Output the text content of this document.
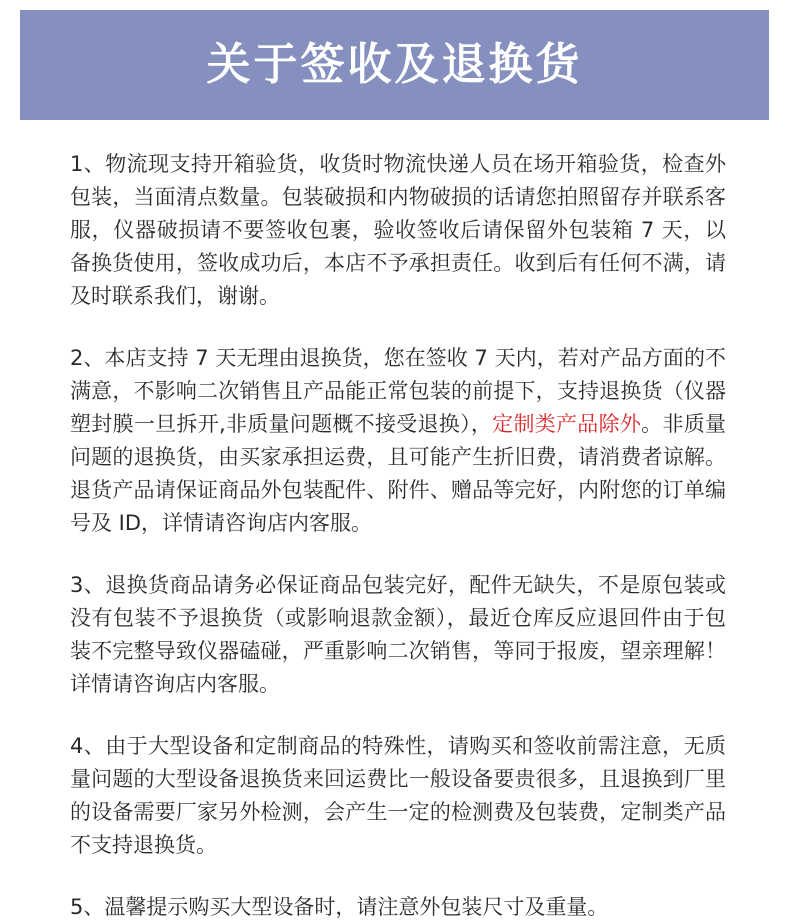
关于签收及退换货

1、物流现支持开箱验货，收货时物流快递人员在场开箱验货，检查外包装，当面清点数量。包装破损和内物破损的话请您拍照留存并联系客服，仪器破损请不要签收包裹，验收签收后请保留外包装箱 7 天，以备换货使用，签收成功后，本店不予承担责任。收到后有任何不满，请及时联系我们，谢谢。

2、本店支持 7 天无理由退换货，您在签收 7 天内，若对产品方面的不满意，不影响二次销售且产品能正常包装的前提下，支持退换货（仪器塑封膜一旦拆开,非质量问题概不接受退换），定制类产品除外。非质量问题的退换货，由买家承担运费，且可能产生折旧费，请消费者谅解。退货产品请保证商品外包装配件、附件、赠品等完好，内附您的订单编号及 ID，详情请咨询店内客服。

3、退换货商品请务必保证商品包装完好，配件无缺失，不是原包装或没有包装不予退换货（或影响退款金额），最近仓库反应退回件由于包装不完整导致仪器磕碰，严重影响二次销售，等同于报废，望亲理解！详情请咨询店内客服。

4、由于大型设备和定制商品的特殊性，请购买和签收前需注意，无质量问题的大型设备退换货来回运费比一般设备要贵很多，且退换到厂里的设备需要厂家另外检测，会产生一定的检测费及包装费，定制类产品不支持退换货。

5、温馨提示购买大型设备时，请注意外包装尺寸及重量。
